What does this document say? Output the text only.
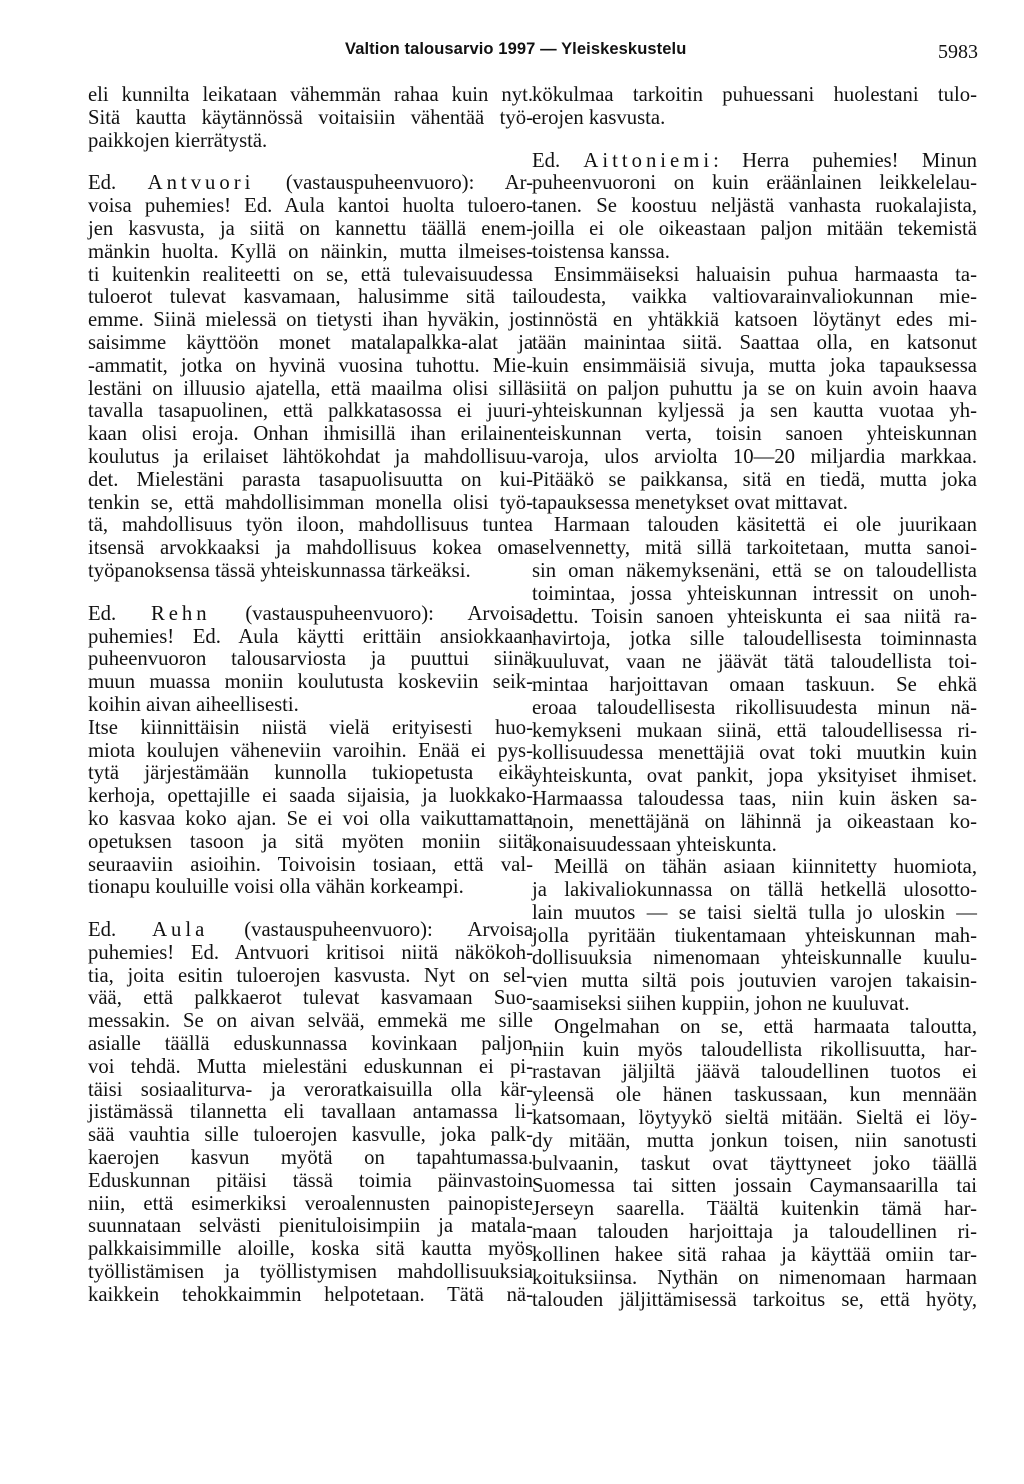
Valtion talousarvio 1997 — Yleiskeskustelu	5983
eli kunnilta leikataan vähemmän rahaa kuin nyt.
Sitä kautta käytännössä voitaisiin vähentää työ-
paikkojen kierrätystä.
Ed. Antvuori (vastauspuheenvuoro): Ar-
voisa puhemies! Ed. Aula kantoi huolta tuloero-
jen kasvusta, ja siitä on kannettu täällä enem-
mänkin huolta. Kyllä on näinkin, mutta ilmeises-
ti kuitenkin realiteetti on se, että tulevaisuudessa
tuloerot tulevat kasvamaan, halusimme sitä tai
emme. Siinä mielessä on tietysti ihan hyväkin, jos
saisimme käyttöön monet matalapalkka-alat ja
-ammatit, jotka on hyvinä vuosina tuhottu. Mie-
lestäni on illuusio ajatella, että maailma olisi sillä
tavalla tasapuolinen, että palkkatasossa ei juuri-
kaan olisi eroja. Onhan ihmisillä ihan erilainen
koulutus ja erilaiset lähtökohdat ja mahdollisuu-
det. Mielestäni parasta tasapuolisuutta on kui-
tenkin se, että mahdollisimman monella olisi työ-
tä, mahdollisuus työn iloon, mahdollisuus tuntea
itsensä arvokkaaksi ja mahdollisuus kokea oma
työpanoksensa tässä yhteiskunnassa tärkeäksi.
Ed. Rehn (vastauspuheenvuoro): Arvoisa
puhemies! Ed. Aula käytti erittäin ansiokkaan
puheenvuoron talousarviosta ja puuttui siinä
muun muassa moniin koulutusta koskeviin seik-
koihin aivan aiheellisesti.
Itse kiinnittäisin niistä vielä erityisesti huo-
miota koulujen väheneviin varoihin. Enää ei pys-
tytä järjestämään kunnolla tukiopetusta eikä
kerhoja, opettajille ei saada sijaisia, ja luokkako-
ko kasvaa koko ajan. Se ei voi olla vaikuttamatta
opetuksen tasoon ja sitä myöten moniin siitä
seuraaviin asioihin. Toivoisin tosiaan, että val-
tionapu kouluille voisi olla vähän korkeampi.
Ed. Aula (vastauspuheenvuoro): Arvoisa
puhemies! Ed. Antvuori kritisoi niitä näkökoh-
tia, joita esitin tuloerojen kasvusta. Nyt on sel-
vää, että palkkaerot tulevat kasvamaan Suo-
messakin. Se on aivan selvää, emmekä me sille
asialle täällä eduskunnassa kovinkaan paljon
voi tehdä. Mutta mielestäni eduskunnan ei pi-
täisi sosiaaliturva- ja veroratkaisuilla olla kär-
jistämässä tilannetta eli tavallaan antamassa li-
sää vauhtia sille tuloerojen kasvulle, joka palk-
kaerojen kasvun myötä on tapahtumassa.
Eduskunnan pitäisi tässä toimia päinvastoin
niin, että esimerkiksi veroalennusten painopiste
suunnataan selvästi pienituloisimpiin ja matala-
palkkaisimmille aloille, koska sitä kautta myös
työllistämisen ja työllistymisen mahdollisuuksia
kaikkein tehokkaimmin helpotetaan. Tätä nä-
kökulmaa tarkoitin puhuessani huolestani tulo-
erojen kasvusta.
Ed. Aittoniemi: Herra puhemies! Minun
puheenvuoroni on kuin eräänlainen leikkelelau-
tanen. Se koostuu neljästä vanhasta ruokalajista,
joilla ei ole oikeastaan paljon mitään tekemistä
toistensa kanssa.
Ensimmäiseksi haluaisin puhua harmaasta ta-
loudesta, vaikka valtiovarainvaliokunnan mie-
tinnöstä en yhtäkkiä katsoen löytänyt edes mi-
tään mainintaa siitä. Saattaa olla, en katsonut
kuin ensimmäisiä sivuja, mutta joka tapauksessa
siitä on paljon puhuttu ja se on kuin avoin haava
yhteiskunnan kyljessä ja sen kautta vuotaa yh-
teiskunnan verta, toisin sanoen yhteiskunnan
varoja, ulos arviolta 10—20 miljardia markkaa.
Pitääkö se paikkansa, sitä en tiedä, mutta joka
tapauksessa menetykset ovat mittavat.
Harmaan talouden käsitettä ei ole juurikaan
selvennetty, mitä sillä tarkoitetaan, mutta sanoi-
sin oman näkemyksenäni, että se on taloudellista
toimintaa, jossa yhteiskunnan intressit on unoh-
dettu. Toisin sanoen yhteiskunta ei saa niitä ra-
havirtoja, jotka sille taloudellisesta toiminnasta
kuuluvat, vaan ne jäävät tätä taloudellista toi-
mintaa harjoittavan omaan taskuun. Se ehkä
eroaa taloudellisesta rikollisuudesta minun nä-
kemykseni mukaan siinä, että taloudellisessa ri-
kollisuudessa menettäjiä ovat toki muutkin kuin
yhteiskunta, ovat pankit, jopa yksityiset ihmiset.
Harmaassa taloudessa taas, niin kuin äsken sa-
noin, menettäjänä on lähinnä ja oikeastaan ko-
konaisuudessaan yhteiskunta.
Meillä on tähän asiaan kiinnitetty huomiota,
ja lakivaliokunnassa on tällä hetkellä ulosotto-
lain muutos — se taisi sieltä tulla jo uloskin —
jolla pyritään tiukentamaan yhteiskunnan mah-
dollisuuksia nimenomaan yhteiskunnalle kuulu-
vien mutta siltä pois joutuvien varojen takaisin-
saamiseksi siihen kuppiin, johon ne kuuluvat.
Ongelmahan on se, että harmaata taloutta,
niin kuin myös taloudellista rikollisuutta, har-
rastavan jäljiltä jäävä taloudellinen tuotos ei
yleensä ole hänen taskussaan, kun mennään
katsomaan, löytyykö sieltä mitään. Sieltä ei löy-
dy mitään, mutta jonkun toisen, niin sanotusti
bulvaanin, taskut ovat täyttyneet joko täällä
Suomessa tai sitten jossain Caymansaarilla tai
Jerseyn saarella. Täältä kuitenkin tämä har-
maan talouden harjoittaja ja taloudellinen ri-
kollinen hakee sitä rahaa ja käyttää omiin tar-
koituksiinsa. Nythän on nimenomaan harmaan
talouden jäljittämisessä tarkoitus se, että hyöty,
